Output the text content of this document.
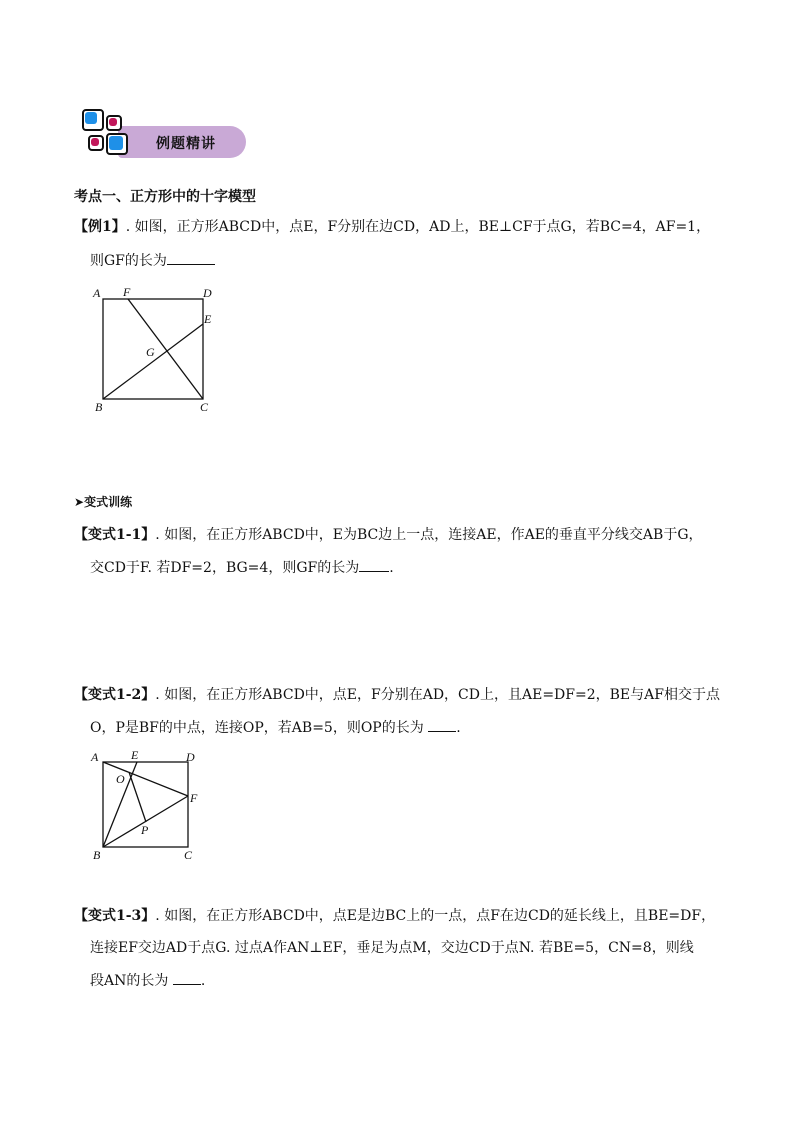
例题精讲
考点一、正方形中的十字模型
【例1】. 如图，正方形ABCD中，点E，F分别在边CD，AD上，BE⊥CF于点G，若BC=4，AF=1，
则GF的长为
A F	D
E
G
B	C
➤变式训练
【变式1-1】. 如图，在正方形ABCD中，E为BC边上一点，连接AE，作AE的垂直平分线交AB于G，
交CD于F. 若DF=2，BG=4，则GF的长为 .
【变式1-2】. 如图，在正方形ABCD中，点E，F分别在AD，CD上，且AE=DF=2，BE与AF相交于点
O，P是BF的中点，连接OP，若AB=5，则OP的长为 .
A	E	D
O
F
P
B	C
【变式1-3】. 如图，在正方形ABCD中，点E是边BC上的一点，点F在边CD的延长线上，且BE=DF，
连接EF交边AD于点G. 过点A作AN⊥EF，垂足为点M，交边CD于点N. 若BE=5，CN=8，则线
段AN的长为 .
